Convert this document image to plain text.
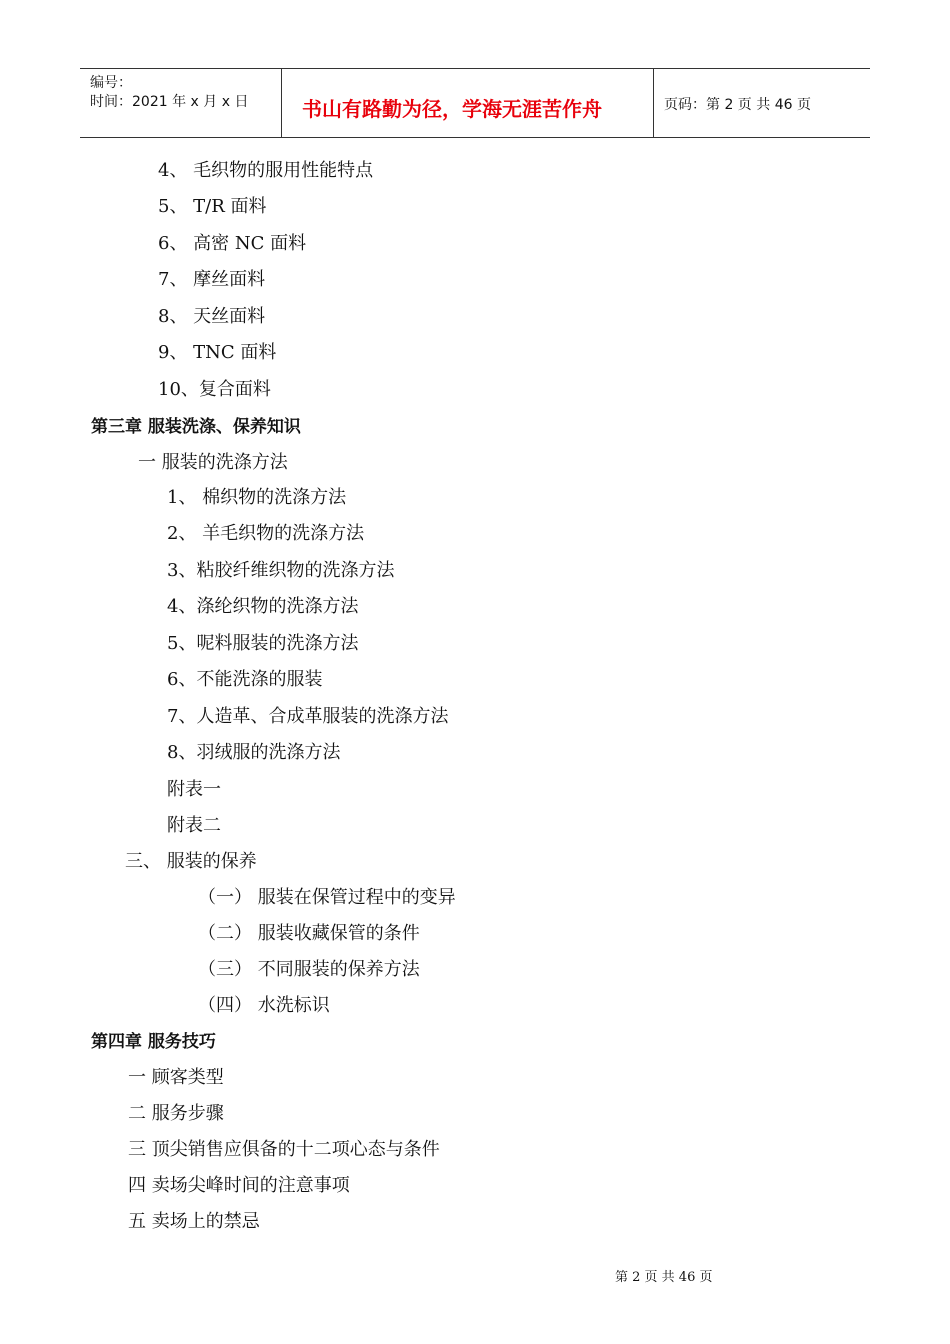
编号：
时间：2021 年 x 月 x 日	书山有路勤为径，学海无涯苦作舟	页码：第 2 页 共 46 页
4、 毛织物的服用性能特点
5、 T/R 面料
6、 高密 NC 面料
7、 摩丝面料
8、 天丝面料
9、 TNC 面料
10、复合面料
第三章 服装洗涤、保养知识
一 服装的洗涤方法
1、 棉织物的洗涤方法
2、 羊毛织物的洗涤方法
3、粘胶纤维织物的洗涤方法
4、涤纶织物的洗涤方法
5、呢料服装的洗涤方法
6、不能洗涤的服装
7、人造革、合成革服装的洗涤方法
8、羽绒服的洗涤方法
附表一
附表二
三、 服装的保养
（一） 服装在保管过程中的变异
（二） 服装收藏保管的条件
（三） 不同服装的保养方法
（四） 水洗标识
第四章 服务技巧
一 顾客类型
二 服务步骤
三 顶尖销售应俱备的十二项心态与条件
四 卖场尖峰时间的注意事项
五 卖场上的禁忌
第 2 页 共 46 页
